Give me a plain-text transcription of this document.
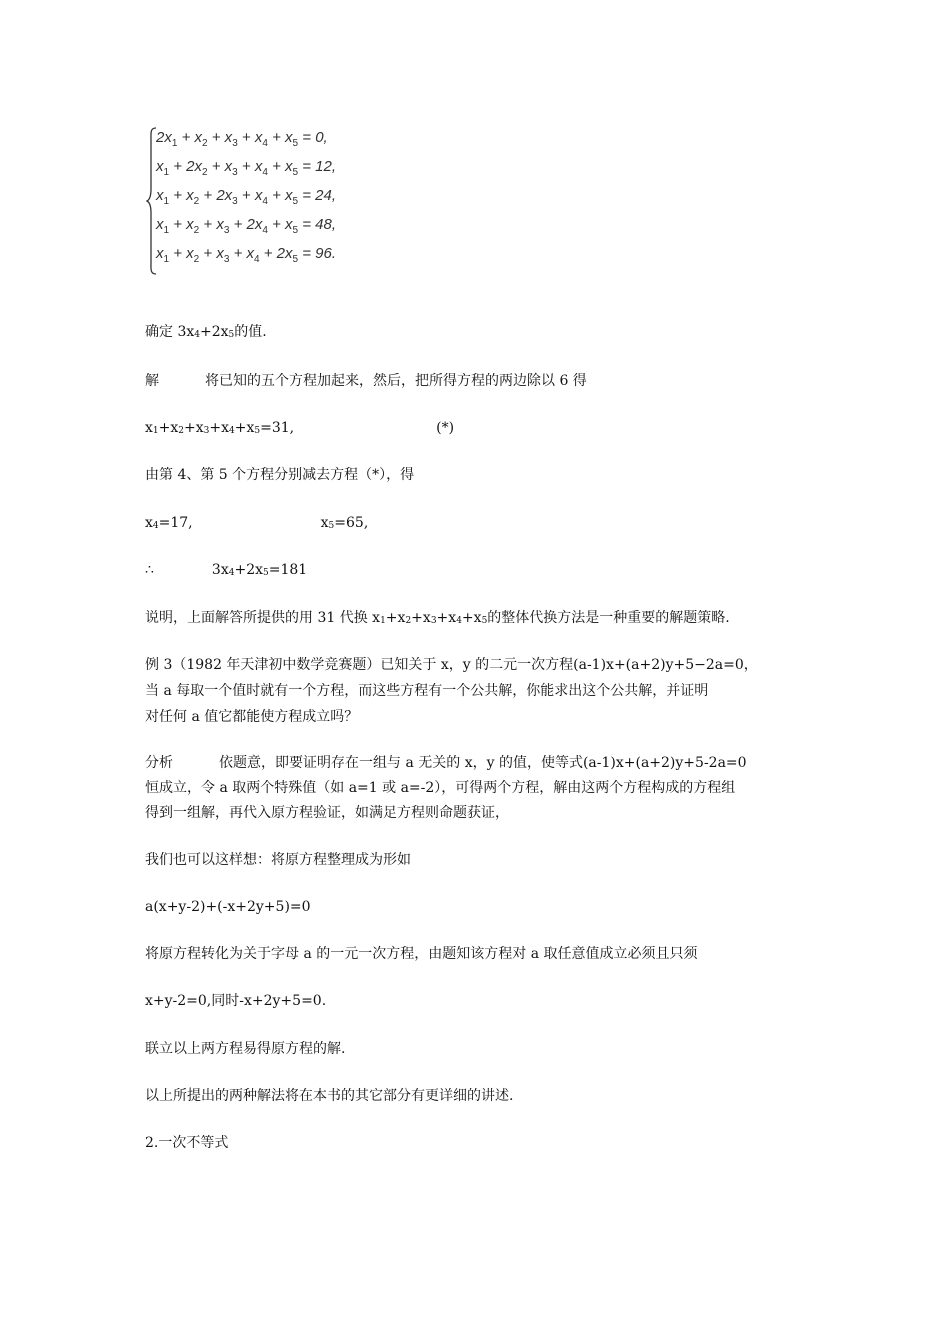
$2x_1 + x_2 + x_3 + x_4 + x_5 = 0$,
$x_1 + 2x_2 + x_3 + x_4 + x_5 = 12$,
$x_1 + x_2 + 2x_3 + x_4 + x_5 = 24$,
$x_1 + x_2 + x_3 + 2x_4 + x_5 = 48$,
$x_1 + x_2 + x_3 + x_4 + 2x_5 = 96$.
确定 $3x_4+2x_5$的值.
解	将已知的五个方程加起来，然后，把所得方程的两边除以 6 得
$x_1+x_2+x_3+x_4+x_5=31$,	(*)
由第 4、第 5 个方程分别减去方程（*），得
$x_4=17$,	$x_5=65$,
∴	$3x_4+2x_5=181$
说明，上面解答所提供的用 31 代换 $x_1+x_2+x_3+x_4+x_5$的整体代换方法是一种重要的解题策略.
例 3（1982 年天津初中数学竞赛题）已知关于 x，y 的二元一次方程(a-1)x+(a+2)y+5−2a=0，
当 a 每取一个值时就有一个方程，而这些方程有一个公共解，你能求出这个公共解，并证明
对任何 a 值它都能使方程成立吗？
分析	依题意，即要证明存在一组与 a 无关的 x，y 的值，使等式(a-1)x+(a+2)y+5-2a=0
恒成立，令 a 取两个特殊值（如 a=1 或 a=-2），可得两个方程，解由这两个方程构成的方程组
得到一组解，再代入原方程验证，如满足方程则命题获证，
我们也可以这样想：将原方程整理成为形如
a(x+y-2)+(-x+2y+5)=0
将原方程转化为关于字母 a 的一元一次方程，由题知该方程对 a 取任意值成立必须且只须
x+y-2=0,同时-x+2y+5=0.
联立以上两方程易得原方程的解.
以上所提出的两种解法将在本书的其它部分有更详细的讲述.
2.一次不等式
